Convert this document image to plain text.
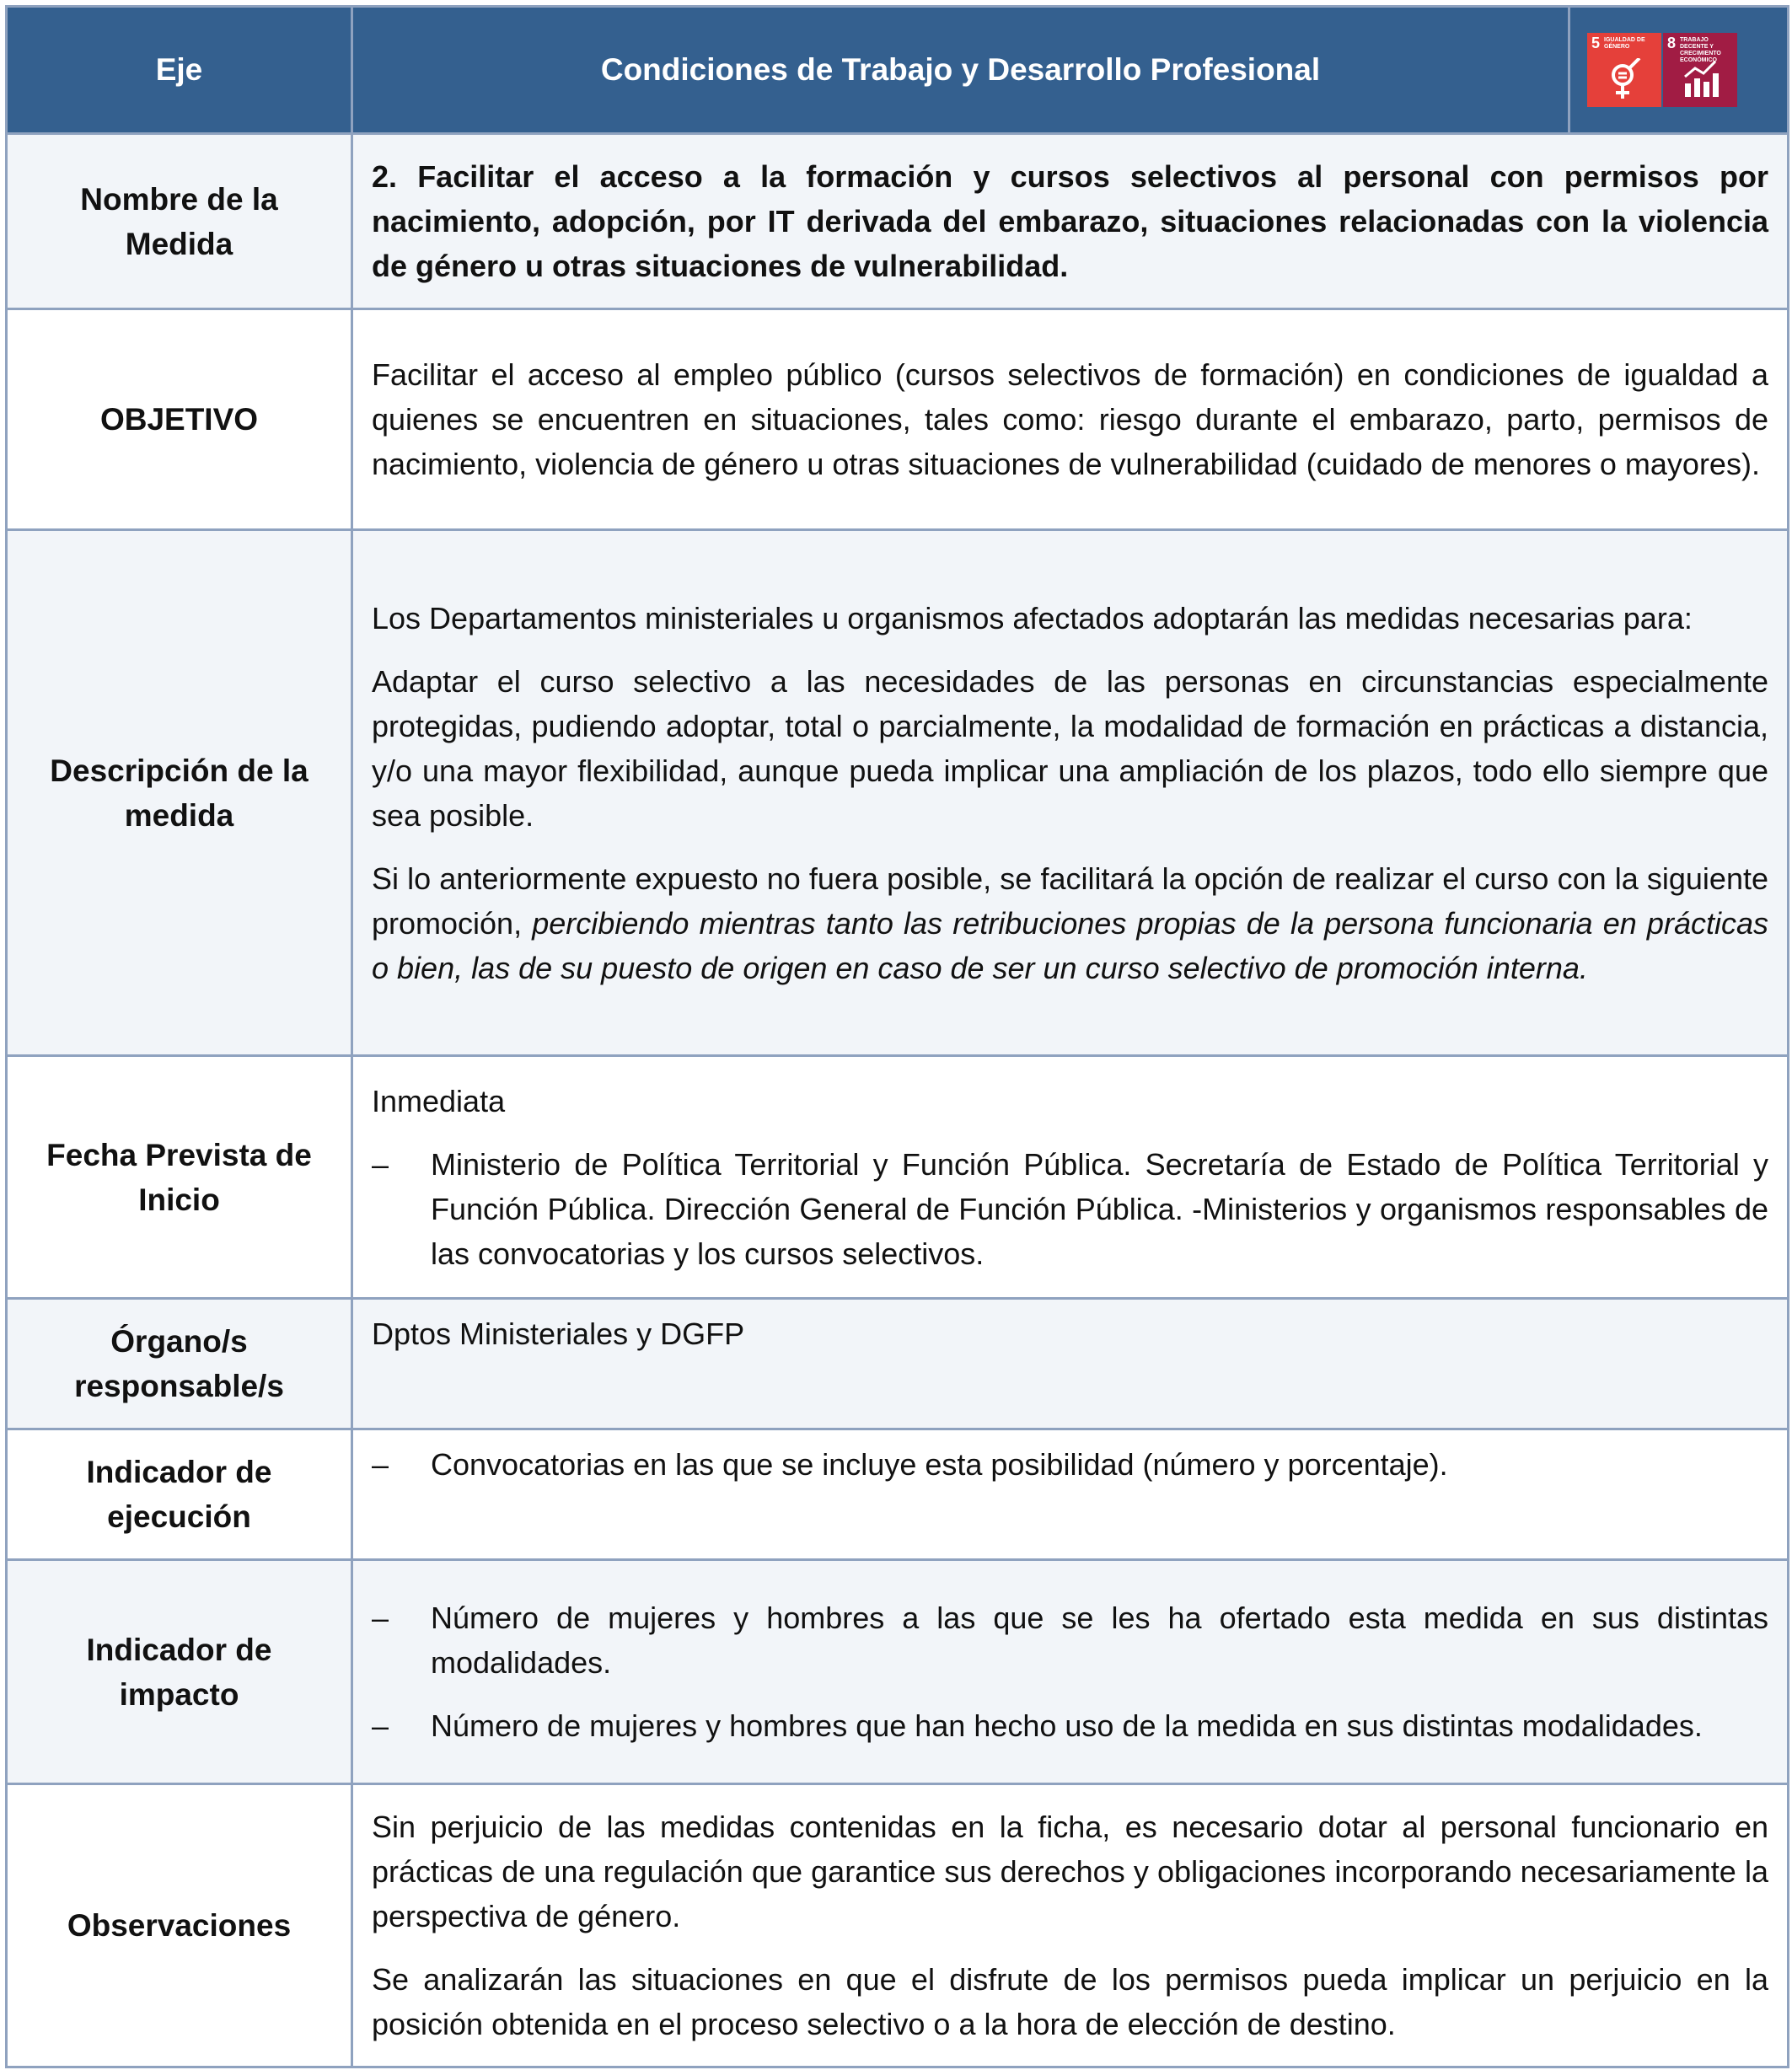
Eje	Condiciones de Trabajo y Desarrollo Profesional	5 IGUALDAD DE GÉNERO 8 TRABAJO DECENTE Y CRECIMIENTO ECONÓMICO

Nombre de la Medida	2. Facilitar el acceso a la formación y cursos selectivos al personal con permisos por nacimiento, adopción, por IT derivada del embarazo, situaciones relacionadas con la violencia de género u otras situaciones de vulnerabilidad.	

OBJETIVO	Facilitar el acceso al empleo público (cursos selectivos de formación) en condiciones de igualdad a quienes se encuentren en situaciones, tales como: riesgo durante el embarazo, parto, permisos de nacimiento, violencia de género u otras situaciones de vulnerabilidad (cuidado de menores o mayores).	

Descripción de la medida	Los Departamentos ministeriales u organismos afectados adoptarán las medidas necesarias para:

Adaptar el curso selectivo a las necesidades de las personas en circunstancias especialmente protegidas, pudiendo adoptar, total o parcialmente, la modalidad de formación en prácticas a distancia, y/o una mayor flexibilidad, aunque pueda implicar una ampliación de los plazos, todo ello siempre que sea posible.

Si lo anteriormente expuesto no fuera posible, se facilitará la opción de realizar el curso con la siguiente promoción, percibiendo mientras tanto las retribuciones propias de la persona funcionaria en prácticas o bien, las de su puesto de origen en caso de ser un curso selectivo de promoción interna.	

Fecha Prevista de Inicio	Inmediata

– Ministerio de Política Territorial y Función Pública. Secretaría de Estado de Política Territorial y Función Pública. Dirección General de Función Pública. -Ministerios y organismos responsables de las convocatorias y los cursos selectivos.	

Órgano/s responsable/s	Dptos Ministeriales y DGFP	

Indicador de ejecución	– Convocatorias en las que se incluye esta posibilidad (número y porcentaje).	

Indicador de impacto	– Número de mujeres y hombres a las que se les ha ofertado esta medida en sus distintas modalidades.
– Número de mujeres y hombres que han hecho uso de la medida en sus distintas modalidades.	

Observaciones	Sin perjuicio de las medidas contenidas en la ficha, es necesario dotar al personal funcionario en prácticas de una regulación que garantice sus derechos y obligaciones incorporando necesariamente la perspectiva de género.

Se analizarán las situaciones en que el disfrute de los permisos pueda implicar un perjuicio en la posición obtenida en el proceso selectivo o a la hora de elección de destino.	
